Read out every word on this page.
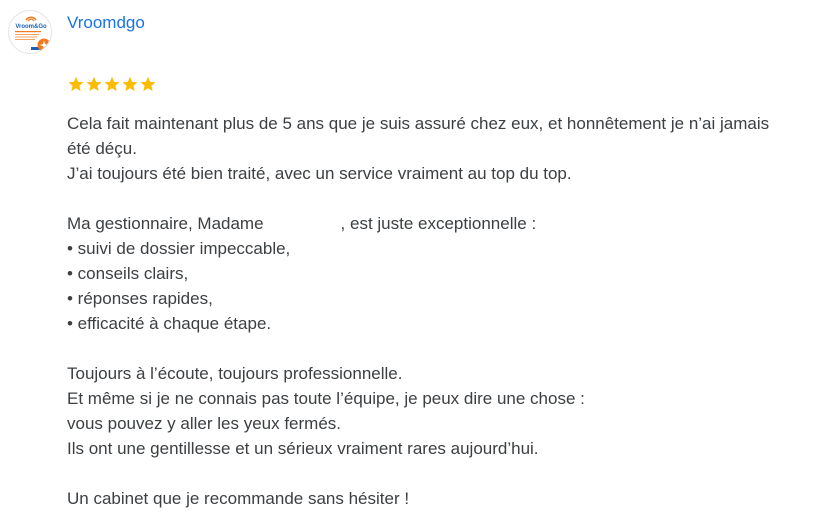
Vroom&Go Vroomdgo
Cela fait maintenant plus de 5 ans que je suis assuré chez eux, et honnêtement je n’ai jamais
été déçu.
J’ai toujours été bien traité, avec un service vraiment au top du top.
Ma gestionnaire, Madame	, est juste exceptionnelle :
• suivi de dossier impeccable,
• conseils clairs,
• réponses rapides,
• efficacité à chaque étape.
Toujours à l’écoute, toujours professionnelle.
Et même si je ne connais pas toute l’équipe, je peux dire une chose :
vous pouvez y aller les yeux fermés.
Ils ont une gentillesse et un sérieux vraiment rares aujourd’hui.
Un cabinet que je recommande sans hésiter !
